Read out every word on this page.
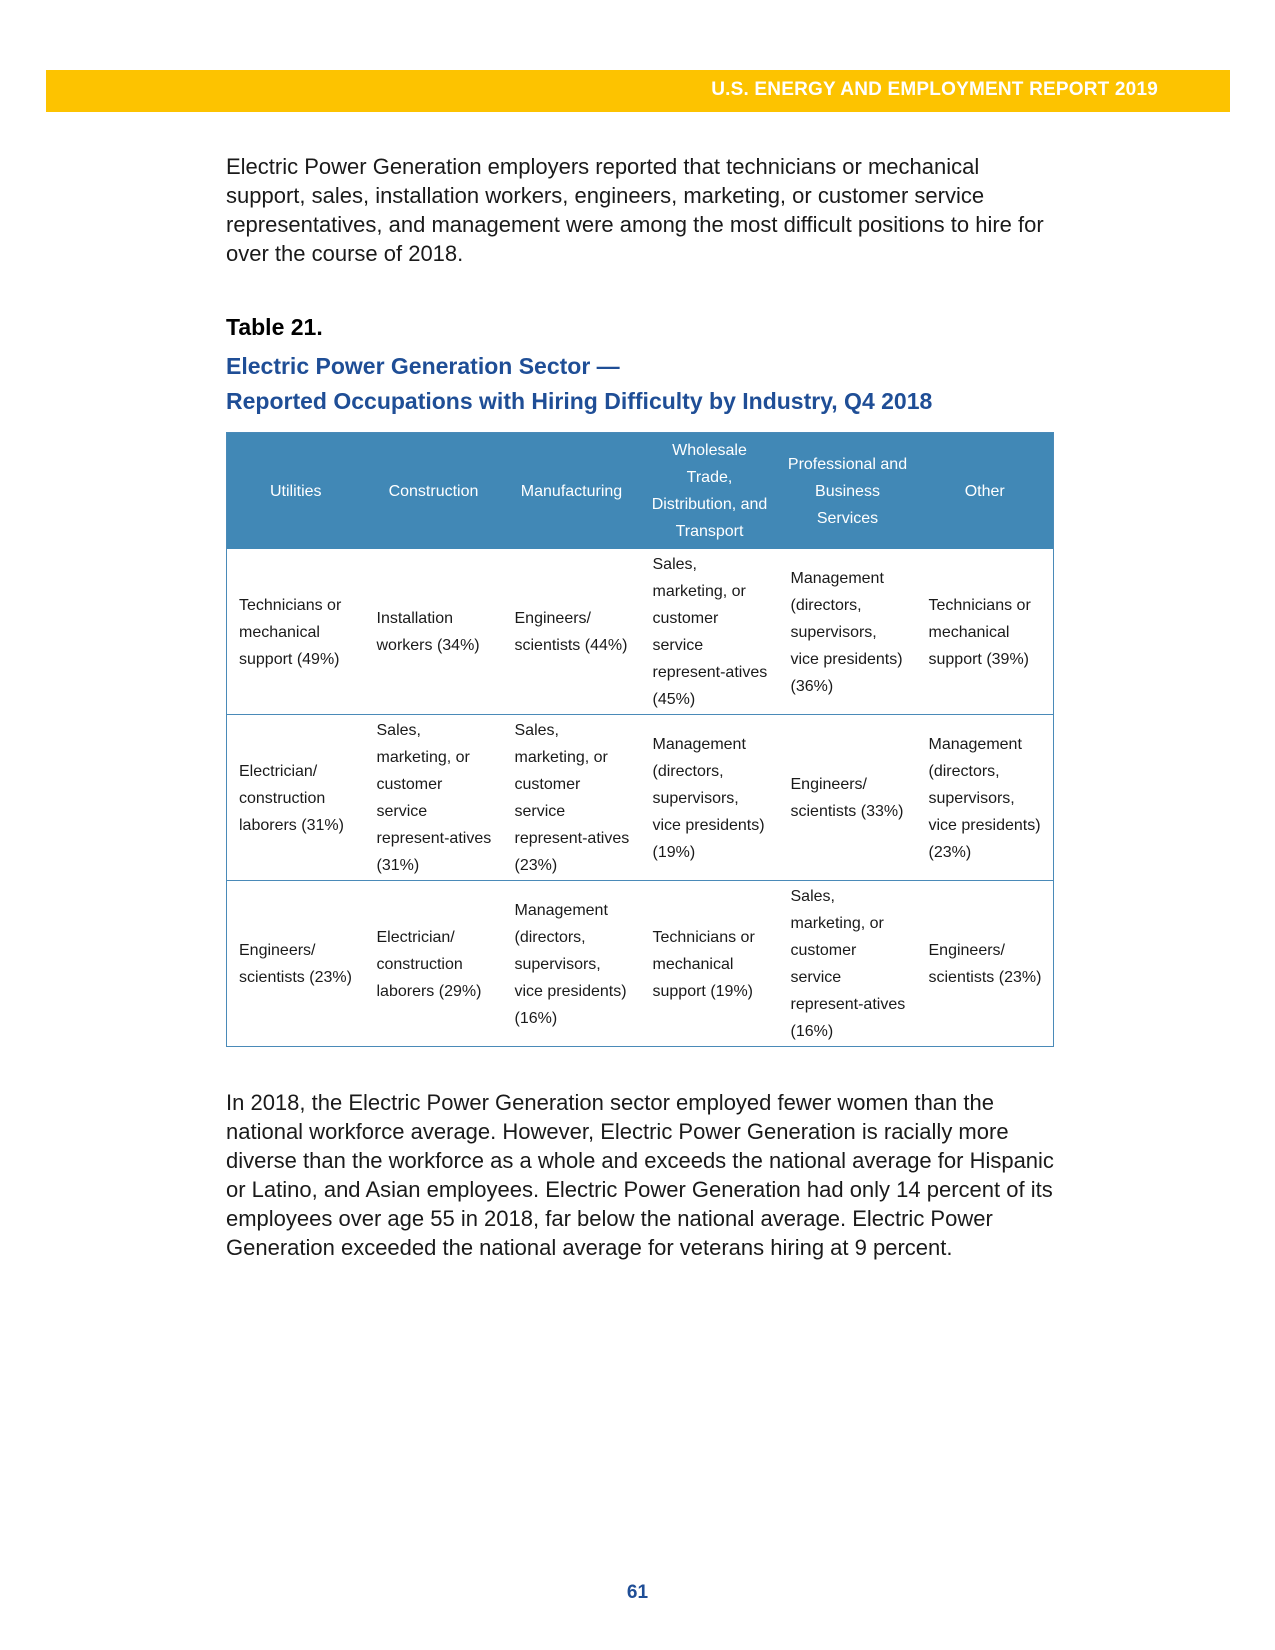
U.S. ENERGY AND EMPLOYMENT REPORT 2019

Electric Power Generation employers reported that technicians or mechanical support, sales, installation workers, engineers, marketing, or customer service representatives, and management were among the most difficult positions to hire for over the course of 2018.

Table 21.

Electric Power Generation Sector —
Reported Occupations with Hiring Difficulty by Industry, Q4 2018

Utilities	Construction	Manufacturing	Wholesale Trade, Distribution, and Transport	Professional and Business Services	Other
Technicians or mechanical support (49%)	Installation workers (34%)	Engineers/ scientists (44%)	Sales, marketing, or customer service represent-atives (45%)	Management (directors, supervisors, vice presidents) (36%)	Technicians or mechanical support (39%)
Electrician/ construction laborers (31%)	Sales, marketing, or customer service represent-atives (31%)	Sales, marketing, or customer service represent-atives (23%)	Management (directors, supervisors, vice presidents) (19%)	Engineers/ scientists (33%)	Management (directors, supervisors, vice presidents) (23%)
Engineers/ scientists (23%)	Electrician/ construction laborers (29%)	Management (directors, supervisors, vice presidents) (16%)	Technicians or mechanical support (19%)	Sales, marketing, or customer service represent-atives (16%)	Engineers/ scientists (23%)

In 2018, the Electric Power Generation sector employed fewer women than the national workforce average. However, Electric Power Generation is racially more diverse than the workforce as a whole and exceeds the national average for Hispanic or Latino, and Asian employees. Electric Power Generation had only 14 percent of its employees over age 55 in 2018, far below the national average. Electric Power Generation exceeded the national average for veterans hiring at 9 percent.

61
